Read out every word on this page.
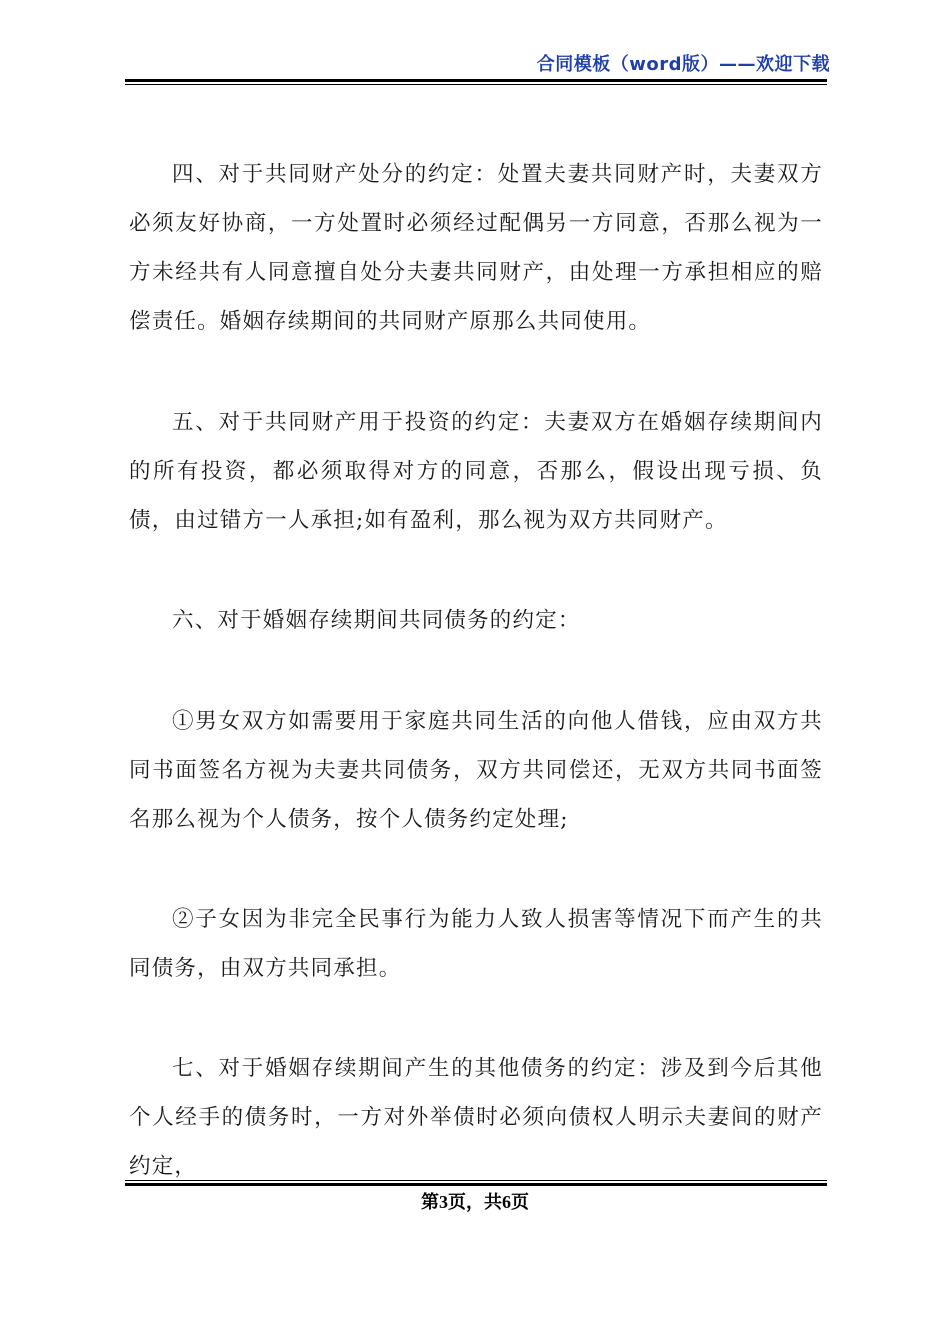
合同模板（word版）——欢迎下载

四、对于共同财产处分的约定：处置夫妻共同财产时，夫妻双方必须友好协商，一方处置时必须经过配偶另一方同意，否那么视为一方未经共有人同意擅自处分夫妻共同财产，由处理一方承担相应的赔偿责任。婚姻存续期间的共同财产原那么共同使用。

五、对于共同财产用于投资的约定：夫妻双方在婚姻存续期间内的所有投资，都必须取得对方的同意，否那么，假设出现亏损、负债，由过错方一人承担;如有盈利，那么视为双方共同财产。

六、对于婚姻存续期间共同债务的约定：

①男女双方如需要用于家庭共同生活的向他人借钱，应由双方共同书面签名方视为夫妻共同债务，双方共同偿还，无双方共同书面签名那么视为个人债务，按个人债务约定处理;

②子女因为非完全民事行为能力人致人损害等情况下而产生的共同债务，由双方共同承担。

七、对于婚姻存续期间产生的其他债务的约定：涉及到今后其他个人经手的债务时，一方对外举债时必须向债权人明示夫妻间的财产约定，

第3页，共6页
